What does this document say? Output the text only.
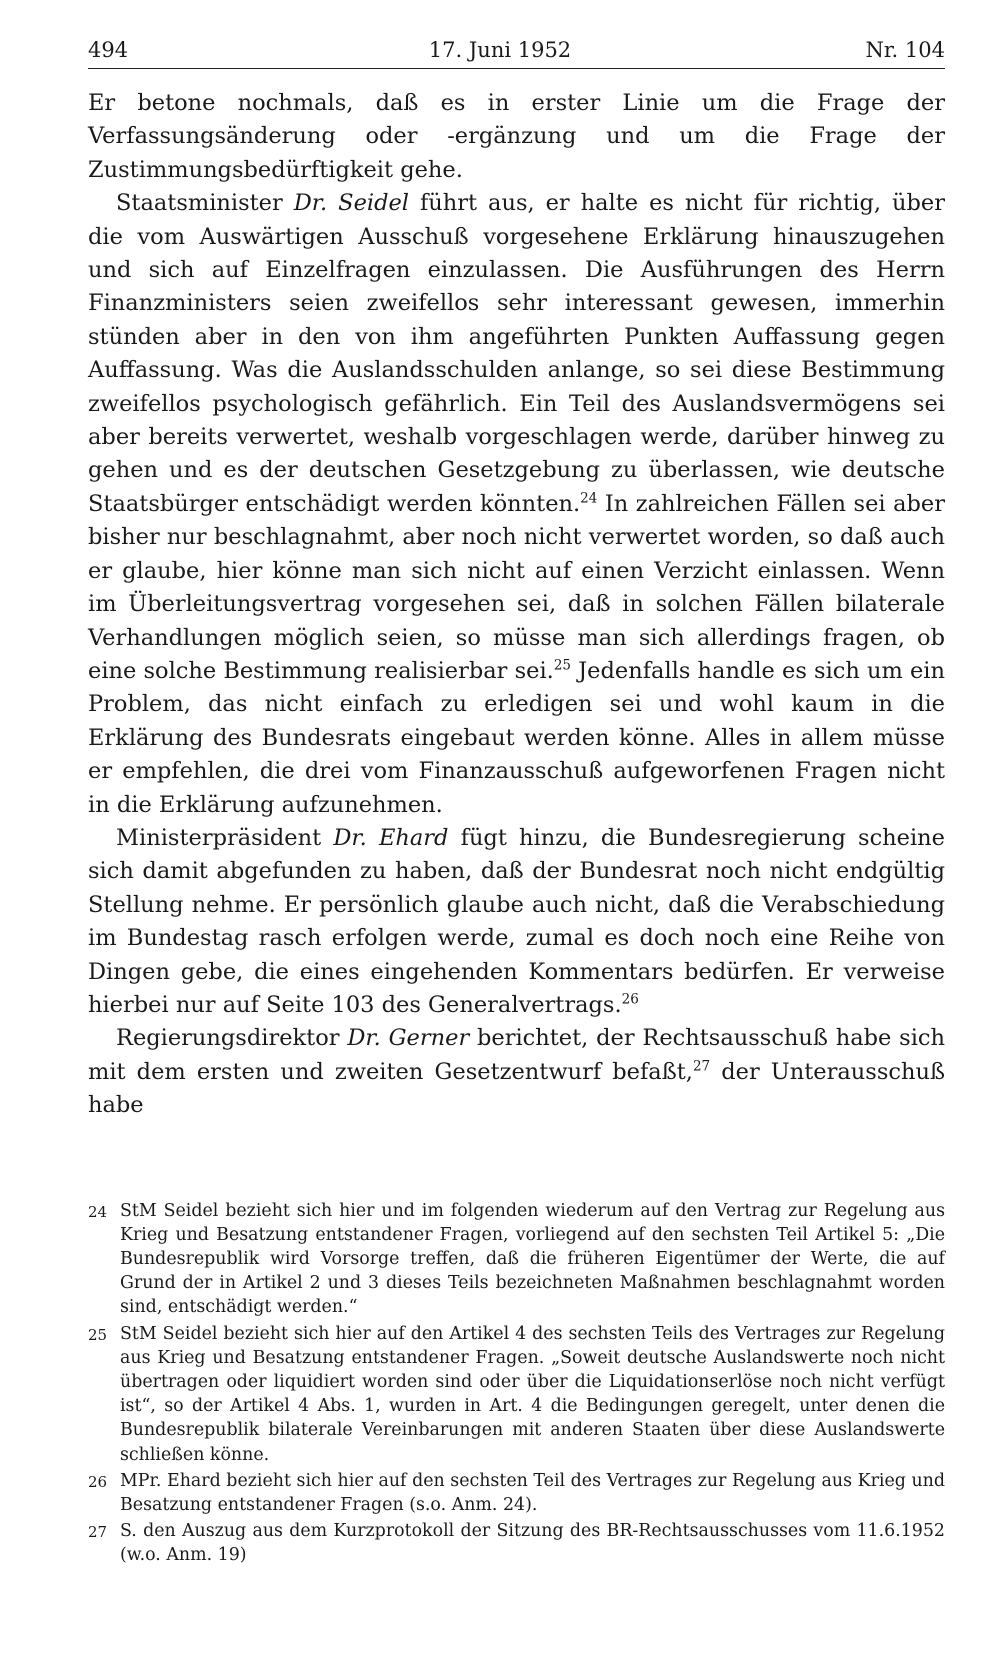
494	17. Juni 1952	Nr. 104

Er betone nochmals, daß es in erster Linie um die Frage der Verfassungsänderung oder -ergänzung und um die Frage der Zustimmungsbedürftigkeit gehe.

Staatsminister Dr. Seidel führt aus, er halte es nicht für richtig, über die vom Auswärtigen Ausschuß vorgesehene Erklärung hinauszugehen und sich auf Einzelfragen einzulassen. Die Ausführungen des Herrn Finanzministers seien zweifellos sehr interessant gewesen, immerhin stünden aber in den von ihm angeführten Punkten Auffassung gegen Auffassung. Was die Auslandsschulden anlange, so sei diese Bestimmung zweifellos psychologisch gefährlich. Ein Teil des Auslandsvermögens sei aber bereits verwertet, weshalb vorgeschlagen werde, darüber hinweg zu gehen und es der deutschen Gesetzgebung zu überlassen, wie deutsche Staatsbürger entschädigt werden könnten.$^{24}$ In zahlreichen Fällen sei aber bisher nur beschlagnahmt, aber noch nicht verwertet worden, so daß auch er glaube, hier könne man sich nicht auf einen Verzicht einlassen. Wenn im Überleitungsvertrag vorgesehen sei, daß in solchen Fällen bilaterale Verhandlungen möglich seien, so müsse man sich allerdings fragen, ob eine solche Bestimmung realisierbar sei.$^{25}$ Jedenfalls handle es sich um ein Problem, das nicht einfach zu erledigen sei und wohl kaum in die Erklärung des Bundesrats eingebaut werden könne. Alles in allem müsse er empfehlen, die drei vom Finanzausschuß aufgeworfenen Fragen nicht in die Erklärung aufzunehmen.

Ministerpräsident Dr. Ehard fügt hinzu, die Bundesregierung scheine sich damit abgefunden zu haben, daß der Bundesrat noch nicht endgültig Stellung nehme. Er persönlich glaube auch nicht, daß die Verabschiedung im Bundestag rasch erfolgen werde, zumal es doch noch eine Reihe von Dingen gebe, die eines eingehenden Kommentars bedürfen. Er verweise hierbei nur auf Seite 103 des Generalvertrags.$^{26}$

Regierungsdirektor Dr. Gerner berichtet, der Rechtsausschuß habe sich mit dem ersten und zweiten Gesetzentwurf befaßt,$^{27}$ der Unterausschuß habe

24 StM Seidel bezieht sich hier und im folgenden wiederum auf den Vertrag zur Regelung aus Krieg und Besatzung entstandener Fragen, vorliegend auf den sechsten Teil Artikel 5: „Die Bundesrepublik wird Vorsorge treffen, daß die früheren Eigentümer der Werte, die auf Grund der in Artikel 2 und 3 dieses Teils bezeichneten Maßnahmen beschlagnahmt worden sind, entschädigt werden.“
25 StM Seidel bezieht sich hier auf den Artikel 4 des sechsten Teils des Vertrages zur Regelung aus Krieg und Besatzung entstandener Fragen. „Soweit deutsche Auslandswerte noch nicht übertragen oder liquidiert worden sind oder über die Liquidationserlöse noch nicht verfügt ist“, so der Artikel 4 Abs. 1, wurden in Art. 4 die Bedingungen geregelt, unter denen die Bundesrepublik bilaterale Vereinbarungen mit anderen Staaten über diese Auslandswerte schließen könne.
26 MPr. Ehard bezieht sich hier auf den sechsten Teil des Vertrages zur Regelung aus Krieg und Besatzung entstandener Fragen (s.o. Anm. 24).
27 S. den Auszug aus dem Kurzprotokoll der Sitzung des BR-Rechtsausschusses vom 11.6.1952 (w.o. Anm. 19)
